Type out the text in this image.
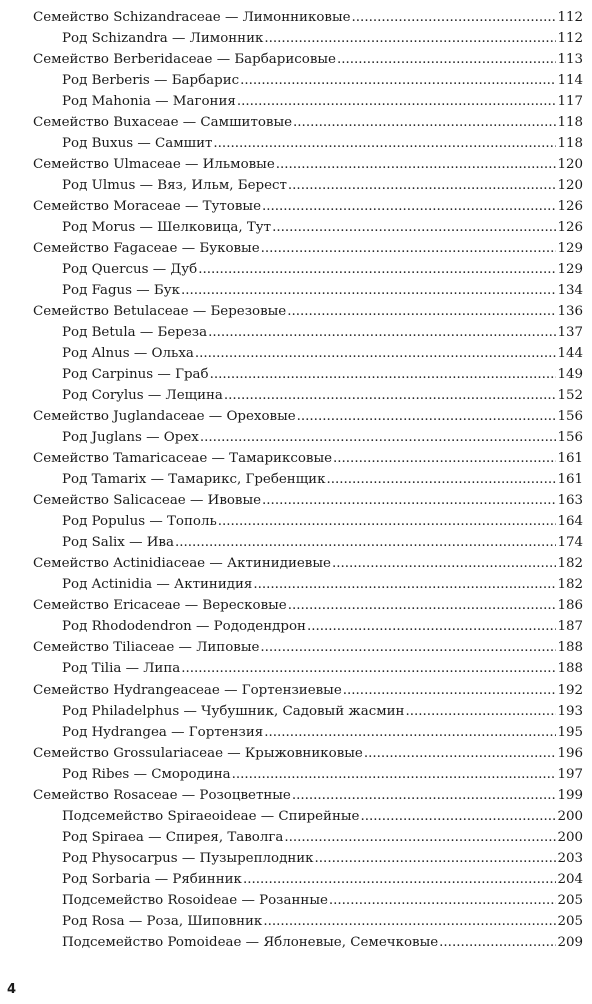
Семейство Schizandraceae — Лимонниковые .....	112
Род Schizandra — Лимонник .....	112
Семейство Berberidaceae — Барбарисовые .....	113
Род Berberis — Барбарис .....	114
Род Mahonia — Магония .....	117
Семейство Buxaceae — Самшитовые .....	118
Род Buxus — Самшит .....	118
Семейство Ulmaceae — Ильмовые .....	120
Род Ulmus — Вяз, Ильм, Берест .....	120
Семейство Moraceae — Тутовые .....	126
Род Morus — Шелковица, Тут .....	126
Семейство Fagaceae — Буковые .....	129
Род Quercus — Дуб .....	129
Род Fagus — Бук .....	134
Семейство Betulaceae — Березовые .....	136
Род Betula — Береза .....	137
Род Alnus — Ольха .....	144
Род Carpinus — Граб .....	149
Род Corylus — Лещина .....	152
Семейство Juglandaceae — Ореховые .....	156
Род Juglans — Орех .....	156
Семейство Tamaricaceae — Тамариксовые .....	161
Род Tamarix — Тамарикс, Гребенщик .....	161
Семейство Salicaceae — Ивовые .....	163
Род Populus — Тополь .....	164
Род Salix — Ива .....	174
Семейство Actinidiaceae — Актинидиевые .....	182
Род Actinidia — Актинидия .....	182
Семейство Ericaceae — Вересковые .....	186
Род Rhododendron — Рододендрон .....	187
Семейство Tiliaceae — Липовые .....	188
Род Tilia — Липа .....	188
Семейство Hydrangeaceae — Гортензиевые .....	192
Род Philadelphus — Чубушник, Садовый жасмин .....	193
Род Hydrangea — Гортензия .....	195
Семейство Grossulariaceae — Крыжовниковые .....	196
Род Ribes — Смородина .....	197
Семейство Rosaceae — Розоцветные .....	199
Подсемейство Spiraeoideae — Спирейные .....	200
Род Spiraea — Спирея, Таволга .....	200
Род Physocarpus — Пузыреплодник .....	203
Род Sorbaria — Рябинник .....	204
Подсемейство Rosoideae — Розанные .....	205
Род Rosa — Роза, Шиповник .....	205
Подсемейство Pomoideae — Яблоневые, Семечковые .....	209
4
